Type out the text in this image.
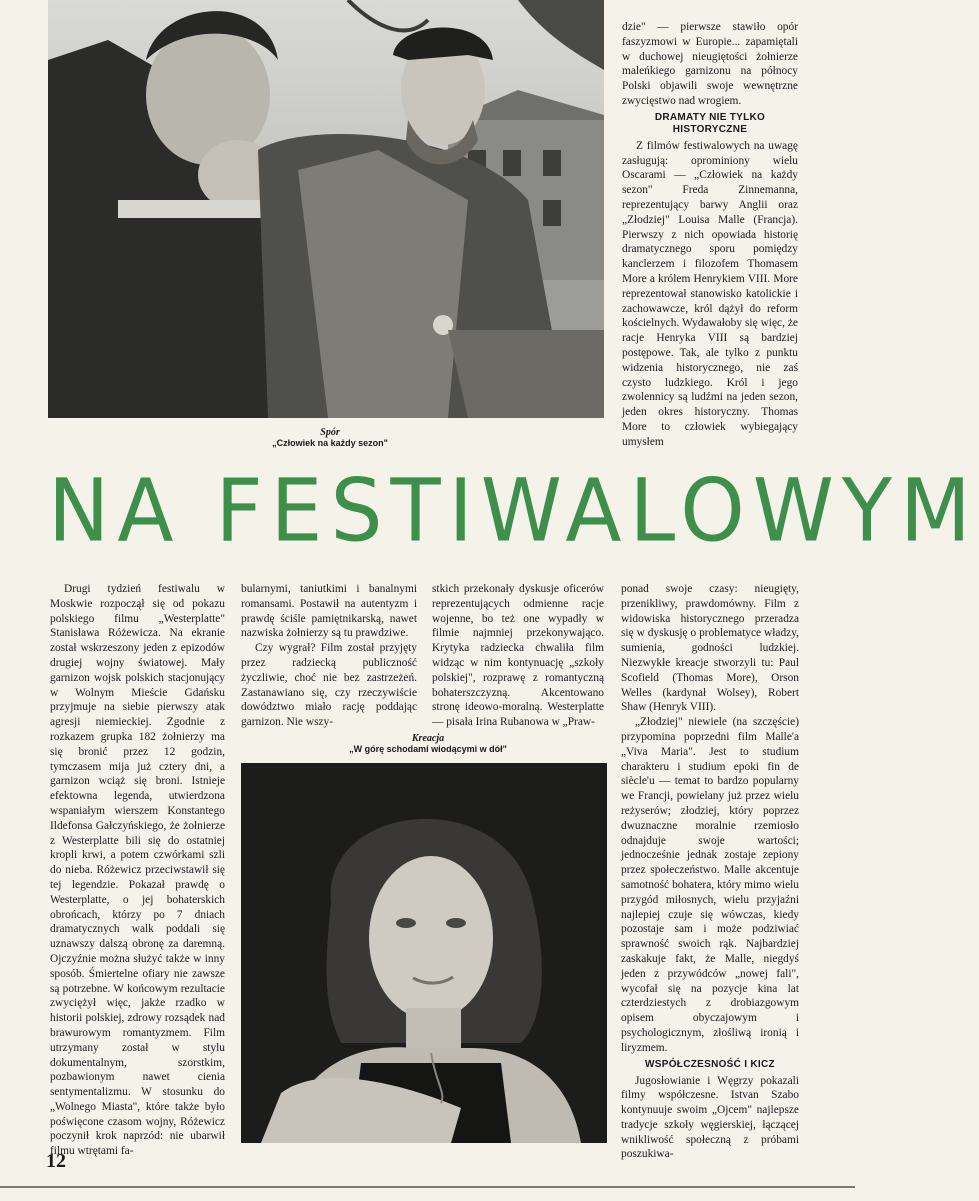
Spór
„Człowiek na każdy sezon"

dzie" — pierwsze stawiło opór faszyzmowi w Europie... zapamiętali w duchowej nieugiętości żołnierze maleńkiego garnizonu na północy Polski objawili swoje wewnętrzne zwycięstwo nad wrogiem.

DRAMATY NIE TYLKO HISTORYCZNE

Z filmów festiwalowych na uwagę zasługują: oprominiony wielu Oscarami — „Człowiek na każdy sezon" Freda Zinnemanna, reprezentujący barwy Anglii oraz „Złodziej" Louisa Malle (Francja). Pierwszy z nich opowiada historię dramatycznego sporu pomiędzy kanclerzem i filozofem Thomasem More a królem Henrykiem VIII. More reprezentował stanowisko katolickie i zachowawcze, król dążył do reform kościelnych. Wydawałoby się więc, że racje Henryka VIII są bardziej postępowe. Tak, ale tylko z punktu widzenia historycznego, nie zaś czysto ludzkiego. Król i jego zwolennicy są ludźmi na jeden sezon, jeden okres historyczny. Thomas More to człowiek wybiegający umysłem

NA FESTIWALOWYM

Drugi tydzień festiwalu w Moskwie rozpoczął się od pokazu polskiego filmu „Westerplatte" Stanisława Różewicza. Na ekranie został wskrzeszony jeden z epizodów drugiej wojny światowej. Mały garnizon wojsk polskich stacjonujący w Wolnym Mieście Gdańsku przyjmuje na siebie pierwszy atak agresji niemieckiej. Zgodnie z rozkazem grupka 182 żołnierzy ma się bronić przez 12 godzin, tymczasem mija już cztery dni, a garnizon wciąż się broni. Istnieje efektowna legenda, utwierdzona wspaniałym wierszem Konstantego Ildefonsa Gałczyńskiego, że żołnierze z Westerplatte bili się do ostatniej kropli krwi, a potem czwórkami szli do nieba. Różewicz przeciwstawił się tej legendzie. Pokazał prawdę o Westerplatte, o jej bohaterskich obrońcach, którzy po 7 dniach dramatycznych walk poddali się uznawszy dalszą obronę za daremną. Ojczyźnie można służyć także w inny sposób. Śmiertelne ofiary nie zawsze są potrzebne. W końcowym rezultacie zwyciężył więc, jakże rzadko w historii polskiej, zdrowy rozsądek nad brawurowym romantyzmem. Film utrzymany został w stylu dokumentalnym, szorstkim, pozbawionym nawet cienia sentymentalizmu. W stosunku do „Wolnego Miasta", które także było poświęcone czasom wojny, Różewicz poczynił krok naprzód: nie ubarwił filmu wtrętami fa-

bularnymi, taniutkimi i banalnymi romansami. Postawił na autentyzm i prawdę ściśle pamiętnikarską, nawet nazwiska żołnierzy są tu prawdziwe.

Czy wygrał? Film został przyjęty przez radziecką publiczność życzliwie, choć nie bez zastrzeżeń. Zastanawiano się, czy rzeczywiście dowództwo miało rację poddając garnizon. Nie wszy-

stkich przekonały dyskusje oficerów reprezentujących odmienne racje wojenne, bo też one wypadły w filmie najmniej przekonywająco. Krytyka radziecka chwaliła film widząc w nim kontynuację „szkoły polskiej", rozprawę z romantyczną bohaterszczyzną. Akcentowano stronę ideowo-moralną. Westerplatte — pisała Irina Rubanowa w „Praw-

Kreacja
„W górę schodami wiodącymi w dół"

ponad swoje czasy: nieugięty, przenikliwy, prawdomówny. Film z widowiska historycznego przeradza się w dyskusję o problematyce władzy, sumienia, godności ludzkiej. Niezwykłe kreacje stworzyli tu: Paul Scofield (Thomas More), Orson Welles (kardynał Wolsey), Robert Shaw (Henryk VIII).

„Złodziej" niewiele (na szczęście) przypomina poprzedni film Malle'a „Viva Maria". Jest to studium charakteru i studium epoki fin de siècle'u — temat to bardzo popularny we Francji, powielany już przez wielu reżyserów; złodziej, który poprzez dwuznaczne moralnie rzemiosło odnajduje swoje wartości; jednocześnie jednak zostaje zepiony przez społeczeństwo. Malle akcentuje samotność bohatera, który mimo wielu przygód miłosnych, wielu przyjaźni najlepiej czuje się wówczas, kiedy pozostaje sam i może podziwiać sprawność swoich rąk. Najbardziej zaskakuje fakt, że Malle, niegdyś jeden z przywódców „nowej fali", wycofał się na pozycje kina lat czterdziestych z drobiazgowym opisem obyczajowym i psychologicznym, złośliwą ironią i liryzmem.

WSPÓŁCZESNOŚĆ I KICZ

Jugosłowianie i Węgrzy pokazali filmy współczesne. Istvan Szabo kontynuuje swoim „Ojcem" najlepsze tradycje szkoły węgierskiej, łączącej wnikliwość społeczną z próbami poszukiwa-

12
